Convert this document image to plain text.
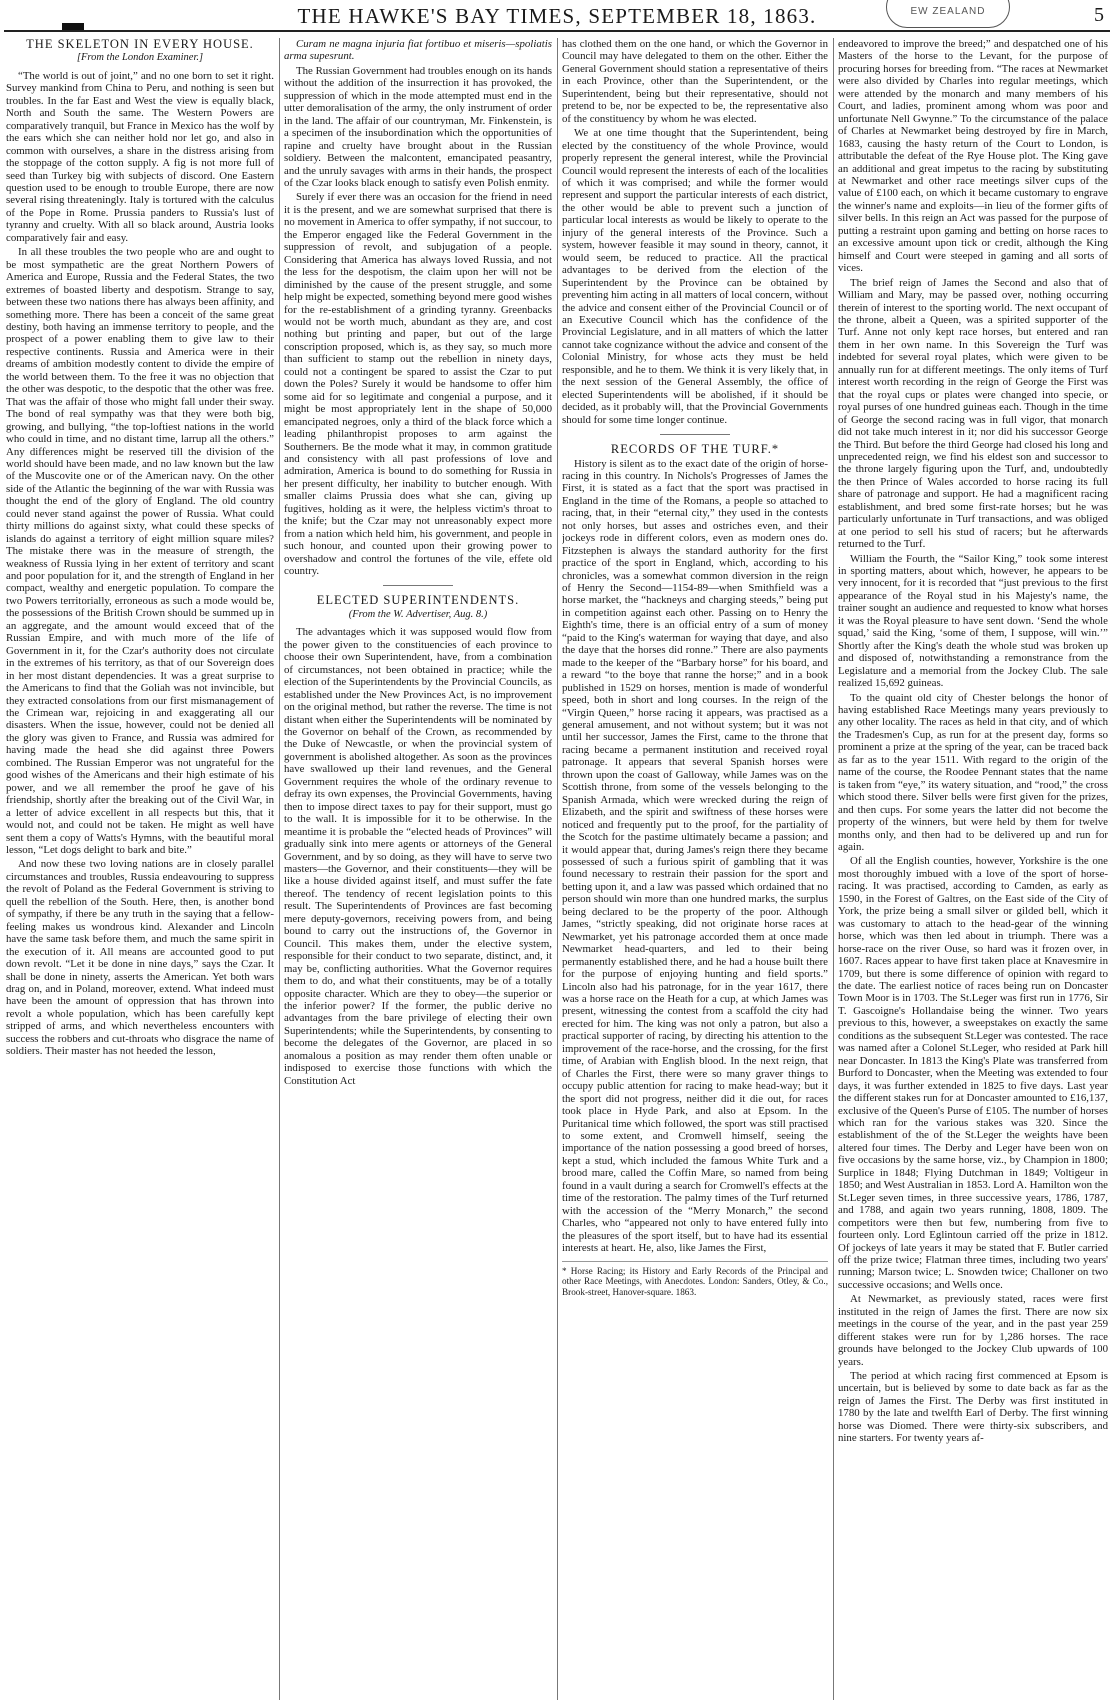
THE HAWKE'S BAY TIMES, SEPTEMBER 18, 1863.	EW ZEALAND	5
THE SKELETON IN EVERY HOUSE.

[From the London Examiner.]

“The world is out of joint,” and no one born to set it right. Survey mankind from China to Peru, and nothing is seen but troubles. In the far East and West the view is equally black, North and South the same. The Western Powers are comparatively tranquil, but France in Mexico has the wolf by the ears which she can neither hold nor let go, and also in common with ourselves, a share in the distress arising from the stoppage of the cotton supply. A fig is not more full of seed than Turkey big with subjects of discord. One Eastern question used to be enough to trouble Europe, there are now several rising threateningly. Italy is tortured with the calculus of the Pope in Rome. Prussia panders to Russia's lust of tyranny and cruelty. With all so black around, Austria looks comparatively fair and easy.

In all these troubles the two people who are and ought to be most sympathetic are the great Northern Powers of America and Europe, Russia and the Federal States, the two extremes of boasted liberty and despotism. Strange to say, between these two nations there has always been affinity, and something more. There has been a conceit of the same great destiny, both having an immense territory to people, and the prospect of a power enabling them to give law to their respective continents. Russia and America were in their dreams of ambition modestly content to divide the empire of the world between them. To the free it was no objection that the other was despotic, to the despotic that the other was free. That was the affair of those who might fall under their sway. The bond of real sympathy was that they were both big, growing, and bullying, “the top-loftiest nations in the world who could in time, and no distant time, larrup all the others.” Any differences might be reserved till the division of the world should have been made, and no law known but the law of the Muscovite one or of the American navy. On the other side of the Atlantic the beginning of the war with Russia was thought the end of the glory of England. The old country could never stand against the power of Russia. What could thirty millions do against sixty, what could these specks of islands do against a territory of eight million square miles? The mistake there was in the measure of strength, the weakness of Russia lying in her extent of territory and scant and poor population for it, and the strength of England in her compact, wealthy and energetic population. To compare the two Powers territorially, erroneous as such a mode would be, the possessions of the British Crown should be summed up in an aggregate, and the amount would exceed that of the Russian Empire, and with much more of the life of Government in it, for the Czar's authority does not circulate in the extremes of his territory, as that of our Sovereign does in her most distant dependencies. It was a great surprise to the Americans to find that the Goliah was not invincible, but they extracted consolations from our first mismanagement of the Crimean war, rejoicing in and exaggerating all our disasters. When the issue, however, could not be denied all the glory was given to France, and Russia was admired for having made the head she did against three Powers combined. The Russian Emperor was not ungrateful for the good wishes of the Americans and their high estimate of his power, and we all remember the proof he gave of his friendship, shortly after the breaking out of the Civil War, in a letter of advice excellent in all respects but this, that it would not, and could not be taken. He might as well have sent them a copy of Watts's Hymns, with the beautiful moral lesson, “Let dogs delight to bark and bite.”

And now these two loving nations are in closely parallel circumstances and troubles, Russia endeavouring to suppress the revolt of Poland as the Federal Government is striving to quell the rebellion of the South. Here, then, is another bond of sympathy, if there be any truth in the saying that a fellow-feeling makes us wondrous kind. Alexander and Lincoln have the same task before them, and much the same spirit in the execution of it. All means are accounted good to put down revolt. “Let it be done in nine days,” says the Czar. It shall be done in ninety, asserts the American. Yet both wars drag on, and in Poland, moreover, extend. What indeed must have been the amount of oppression that has thrown into revolt a whole population, which has been carefully kept stripped of arms, and which nevertheless encounters with success the robbers and cut-throats who disgrace the name of soldiers. Their master has not heeded the lesson,

Curam ne magna injuria fiat fortibuo et miseris—spoliatis arma supesrunt.

The Russian Government had troubles enough on its hands without the addition of the insurrection it has provoked, the suppression of which in the mode attempted must end in the utter demoralisation of the army, the only instrument of order in the land. The affair of our countryman, Mr. Finkenstein, is a specimen of the insubordination which the opportunities of rapine and cruelty have brought about in the Russian soldiery. Between the malcontent, emancipated peasantry, and the unruly savages with arms in their hands, the prospect of the Czar looks black enough to satisfy even Polish enmity.

Surely if ever there was an occasion for the friend in need it is the present, and we are somewhat surprised that there is no movement in America to offer sympathy, if not succour, to the Emperor engaged like the Federal Government in the suppression of revolt, and subjugation of a people. Considering that America has always loved Russia, and not the less for the despotism, the claim upon her will not be diminished by the cause of the present struggle, and some help might be expected, something beyond mere good wishes for the re-establishment of a grinding tyranny. Greenbacks would not be worth much, abundant as they are, and cost nothing but printing and paper, but out of the large conscription proposed, which is, as they say, so much more than sufficient to stamp out the rebellion in ninety days, could not a contingent be spared to assist the Czar to put down the Poles? Surely it would be handsome to offer him some aid for so legitimate and congenial a purpose, and it might be most appropriately lent in the shape of 50,000 emancipated negroes, only a third of the black force which a leading philanthropist proposes to arm against the Southerners. Be the mode what it may, in common gratitude and consistency with all past professions of love and admiration, America is bound to do something for Russia in her present difficulty, her inability to butcher enough. With smaller claims Prussia does what she can, giving up fugitives, holding as it were, the helpless victim's throat to the knife; but the Czar may not unreasonably expect more from a nation which held him, his government, and people in such honour, and counted upon their growing power to overshadow and control the fortunes of the vile, effete old country.

ELECTED SUPERINTENDENTS.

(From the W. Advertiser, Aug. 8.)

The advantages which it was supposed would flow from the power given to the constituencies of each province to choose their own Superintendent, have, from a combination of circumstances, not been obtained in practice; while the election of the Superintendents by the Provincial Councils, as established under the New Provinces Act, is no improvement on the original method, but rather the reverse. The time is not distant when either the Superintendents will be nominated by the Governor on behalf of the Crown, as recommended by the Duke of Newcastle, or when the provincial system of government is abolished altogether. As soon as the provinces have swallowed up their land revenues, and the General Government requires the whole of the ordinary revenue to defray its own expenses, the Provincial Governments, having then to impose direct taxes to pay for their support, must go to the wall. It is impossible for it to be otherwise. In the meantime it is probable the “elected heads of Provinces” will gradually sink into mere agents or attorneys of the General Government, and by so doing, as they will have to serve two masters—the Governor, and their constituents—they will be like a house divided against itself, and must suffer the fate thereof. The tendency of recent legislation points to this result. The Superintendents of Provinces are fast becoming mere deputy-governors, receiving powers from, and being bound to carry out the instructions of, the Governor in Council. This makes them, under the elective system, responsible for their conduct to two separate, distinct, and, it may be, conflicting authorities. What the Governor requires them to do, and what their constituents, may be of a totally opposite character. Which are they to obey—the superior or the inferior power? If the former, the public derive no advantages from the bare privilege of electing their own Superintendents; while the Superintendents, by consenting to become the delegates of the Governor, are placed in so anomalous a position as may render them often unable or indisposed to exercise those functions with which the Constitution Act

has clothed them on the one hand, or which the Governor in Council may have delegated to them on the other. Either the General Government should station a representative of theirs in each Province, other than the Superintendent, or the Superintendent, being but their representative, should not pretend to be, nor be expected to be, the representative also of the constituency by whom he was elected.

We at one time thought that the Superintendent, being elected by the constituency of the whole Province, would properly represent the general interest, while the Provincial Council would represent the interests of each of the localities of which it was comprised; and while the former would represent and support the particular interests of each district, the other would be able to prevent such a junction of particular local interests as would be likely to operate to the injury of the general interests of the Province. Such a system, however feasible it may sound in theory, cannot, it would seem, be reduced to practice. All the practical advantages to be derived from the election of the Superintendent by the Province can be obtained by preventing him acting in all matters of local concern, without the advice and consent either of the Provincial Council or of an Executive Council which has the confidence of the Provincial Legislature, and in all matters of which the latter cannot take cognizance without the advice and consent of the Colonial Ministry, for whose acts they must be held responsible, and he to them. We think it is very likely that, in the next session of the General Assembly, the office of elected Superintendents will be abolished, if it should be decided, as it probably will, that the Provincial Governments should for some time longer continue.

RECORDS OF THE TURF.*

History is silent as to the exact date of the origin of horse-racing in this country. In Nichols's Progresses of James the First, it is stated as a fact that the sport was practised in England in the time of the Romans, a people so attached to racing, that, in their “eternal city,” they used in the contests not only horses, but asses and ostriches even, and their jockeys rode in different colors, even as modern ones do. Fitzstephen is always the standard authority for the first practice of the sport in England, which, according to his chronicles, was a somewhat common diversion in the reign of Henry the Second—1154-89—when Smithfield was a horse market, the “hackneys and charging steeds,” being put in competition against each other. Passing on to Henry the Eighth's time, there is an official entry of a sum of money “paid to the King's waterman for waying that daye, and also the daye that the horses did ronne.” There are also payments made to the keeper of the “Barbary horse” for his board, and a reward “to the boye that ranne the horse;” and in a book published in 1529 on horses, mention is made of wonderful speed, both in short and long courses. In the reign of the “Virgin Queen,” horse racing it appears, was practised as a general amusement, and not without system; but it was not until her successor, James the First, came to the throne that racing became a permanent institution and received royal patronage. It appears that several Spanish horses were thrown upon the coast of Galloway, while James was on the Scottish throne, from some of the vessels belonging to the Spanish Armada, which were wrecked during the reign of Elizabeth, and the spirit and swiftness of these horses were noticed and frequently put to the proof, for the partiality of the Scotch for the pastime ultimately became a passion; and it would appear that, during James's reign there they became possessed of such a furious spirit of gambling that it was found necessary to restrain their passion for the sport and betting upon it, and a law was passed which ordained that no person should win more than one hundred marks, the surplus being declared to be the property of the poor. Although James, “strictly speaking, did not originate horse races at Newmarket, yet his patronage accorded them at once made Newmarket head-quarters, and led to their being permanently established there, and he had a house built there for the purpose of enjoying hunting and field sports.” Lincoln also had his patronage, for in the year 1617, there was a horse race on the Heath for a cup, at which James was present, witnessing the contest from a scaffold the city had erected for him. The king was not only a patron, but also a practical supporter of racing, by directing his attention to the improvement of the race-horse, and the crossing, for the first time, of Arabian with English blood. In the next reign, that of Charles the First, there were so many graver things to occupy public attention for racing to make head-way; but it the sport did not progress, neither did it die out, for races took place in Hyde Park, and also at Epsom. In the Puritanical time which followed, the sport was still practised to some extent, and Cromwell himself, seeing the importance of the nation possessing a good breed of horses, kept a stud, which included the famous White Turk and a brood mare, called the Coffin Mare, so named from being found in a vault during a search for Cromwell's effects at the time of the restoration. The palmy times of the Turf returned with the accession of the “Merry Monarch,” the second Charles, who “appeared not only to have entered fully into the pleasures of the sport itself, but to have had its essential interests at heart. He, also, like James the First,

* Horse Racing; its History and Early Records of the Principal and other Race Meetings, with Anecdotes. London: Sanders, Otley, & Co., Brook-street, Hanover-square. 1863.

endeavored to improve the breed;” and despatched one of his Masters of the horse to the Levant, for the purpose of procuring horses for breeding from. “The races at Newmarket were also divided by Charles into regular meetings, which were attended by the monarch and many members of his Court, and ladies, prominent among whom was poor and unfortunate Nell Gwynne.” To the circumstance of the palace of Charles at Newmarket being destroyed by fire in March, 1683, causing the hasty return of the Court to London, is attributable the defeat of the Rye House plot. The King gave an additional and great impetus to the racing by substituting at Newmarket and other race meetings silver cups of the value of £100 each, on which it became customary to engrave the winner's name and exploits—in lieu of the former gifts of silver bells. In this reign an Act was passed for the purpose of putting a restraint upon gaming and betting on horse races to an excessive amount upon tick or credit, although the King himself and Court were steeped in gaming and all sorts of vices.

The brief reign of James the Second and also that of William and Mary, may be passed over, nothing occurring therein of interest to the sporting world. The next occupant of the throne, albeit a Queen, was a spirited supporter of the Turf. Anne not only kept race horses, but entered and ran them in her own name. In this Sovereign the Turf was indebted for several royal plates, which were given to be annually run for at different meetings. The only items of Turf interest worth recording in the reign of George the First was that the royal cups or plates were changed into specie, or royal purses of one hundred guineas each. Though in the time of George the second racing was in full vigor, that monarch did not take much interest in it; nor did his successor George the Third. But before the third George had closed his long and unprecedented reign, we find his eldest son and successor to the throne largely figuring upon the Turf, and, undoubtedly the then Prince of Wales accorded to horse racing its full share of patronage and support. He had a magnificent racing establishment, and bred some first-rate horses; but he was particularly unfortunate in Turf transactions, and was obliged at one period to sell his stud of racers; but he afterwards returned to the Turf.

William the Fourth, the “Sailor King,” took some interest in sporting matters, about which, however, he appears to be very innocent, for it is recorded that “just previous to the first appearance of the Royal stud in his Majesty's name, the trainer sought an audience and requested to know what horses it was the Royal pleasure to have sent down. ‘Send the whole squad,’ said the King, ‘some of them, I suppose, will win.’” Shortly after the King's death the whole stud was broken up and disposed of, notwithstanding a remonstrance from the Legislature and a memorial from the Jockey Club. The sale realized 15,692 guineas.

To the quaint old city of Chester belongs the honor of having established Race Meetings many years previously to any other locality. The races as held in that city, and of which the Tradesmen's Cup, as run for at the present day, forms so prominent a prize at the spring of the year, can be traced back as far as to the year 1511. With regard to the origin of the name of the course, the Roodee Pennant states that the name is taken from “eye,” its watery situation, and “rood,” the cross which stood there. Silver bells were first given for the prizes, and then cups. For some years the latter did not become the property of the winners, but were held by them for twelve months only, and then had to be delivered up and run for again.

Of all the English counties, however, Yorkshire is the one most thoroughly imbued with a love of the sport of horse-racing. It was practised, according to Camden, as early as 1590, in the Forest of Galtres, on the East side of the City of York, the prize being a small silver or gilded bell, which it was customary to attach to the head-gear of the winning horse, which was then led about in triumph. There was a horse-race on the river Ouse, so hard was it frozen over, in 1607. Races appear to have first taken place at Knavesmire in 1709, but there is some difference of opinion with regard to the date. The earliest notice of races being run on Doncaster Town Moor is in 1703. The St.Leger was first run in 1776, Sir T. Gascoigne's Hollandaise being the winner. Two years previous to this, however, a sweepstakes on exactly the same conditions as the subsequent St.Leger was contested. The race was named after a Colonel St.Leger, who resided at Park hill near Doncaster. In 1813 the King's Plate was transferred from Burford to Doncaster, when the Meeting was extended to four days, it was further extended in 1825 to five days. Last year the different stakes run for at Doncaster amounted to £16,137, exclusive of the Queen's Purse of £105. The number of horses which ran for the various stakes was 320. Since the establishment of the of the St.Leger the weights have been altered four times. The Derby and Leger have been won on five occasions by the same horse, viz., by Champion in 1800; Surplice in 1848; Flying Dutchman in 1849; Voltigeur in 1850; and West Australian in 1853. Lord A. Hamilton won the St.Leger seven times, in three successive years, 1786, 1787, and 1788, and again two years running, 1808, 1809. The competitors were then but few, numbering from five to fourteen only. Lord Eglintoun carried off the prize in 1812. Of jockeys of late years it may be stated that F. Butler carried off the prize twice; Flatman three times, including two years' running; Marson twice; L. Snowden twice; Challoner on two successive occasions; and Wells once.

At Newmarket, as previously stated, races were first instituted in the reign of James the first. There are now six meetings in the course of the year, and in the past year 259 different stakes were run for by 1,286 horses. The race grounds have belonged to the Jockey Club upwards of 100 years.

The period at which racing first commenced at Epsom is uncertain, but is believed by some to date back as far as the reign of James the First. The Derby was first instituted in 1780 by the late and twelfth Earl of Derby. The first winning horse was Diomed. There were thirty-six subscribers, and nine starters. For twenty years af-
